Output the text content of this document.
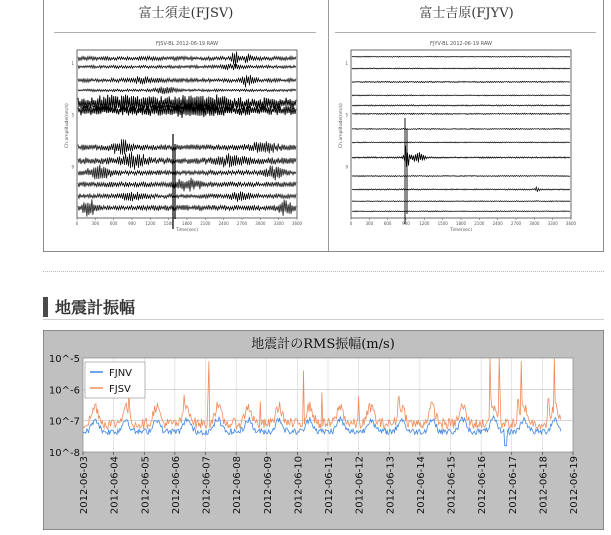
富士須走(FJSV)
FJSV-BL 2012-06-19 RAW
Ch amplitude(nm/s)
0	300	600	900 1200 1500 1800 2100 2400 2700 3000 3300 3600
Time(sec)
1
5
9
富士吉原(FJYV)
FJYV-BL 2012-06-19 RAW
Ch amplitude(nm/s)
0	300	600	900 1200 1500 1800 2100 2400 2700 3000 3300 3600
Time(sec)
1
5
9
地震計振幅
地震計のRMS振幅(m/s)
10^-5
10^-6
10^-7
10^-8
2012-06-03 2012-06-04 2012-06-05 2012-06-06 2012-06-07 2012-06-08 2012-06-09 2012-06-10 2012-06-11 2012-06-12 2012-06-13 2012-06-14 2012-06-15 2012-06-16 2012-06-17 2012-06-18 2012-06-19
FJNV
FJSV
